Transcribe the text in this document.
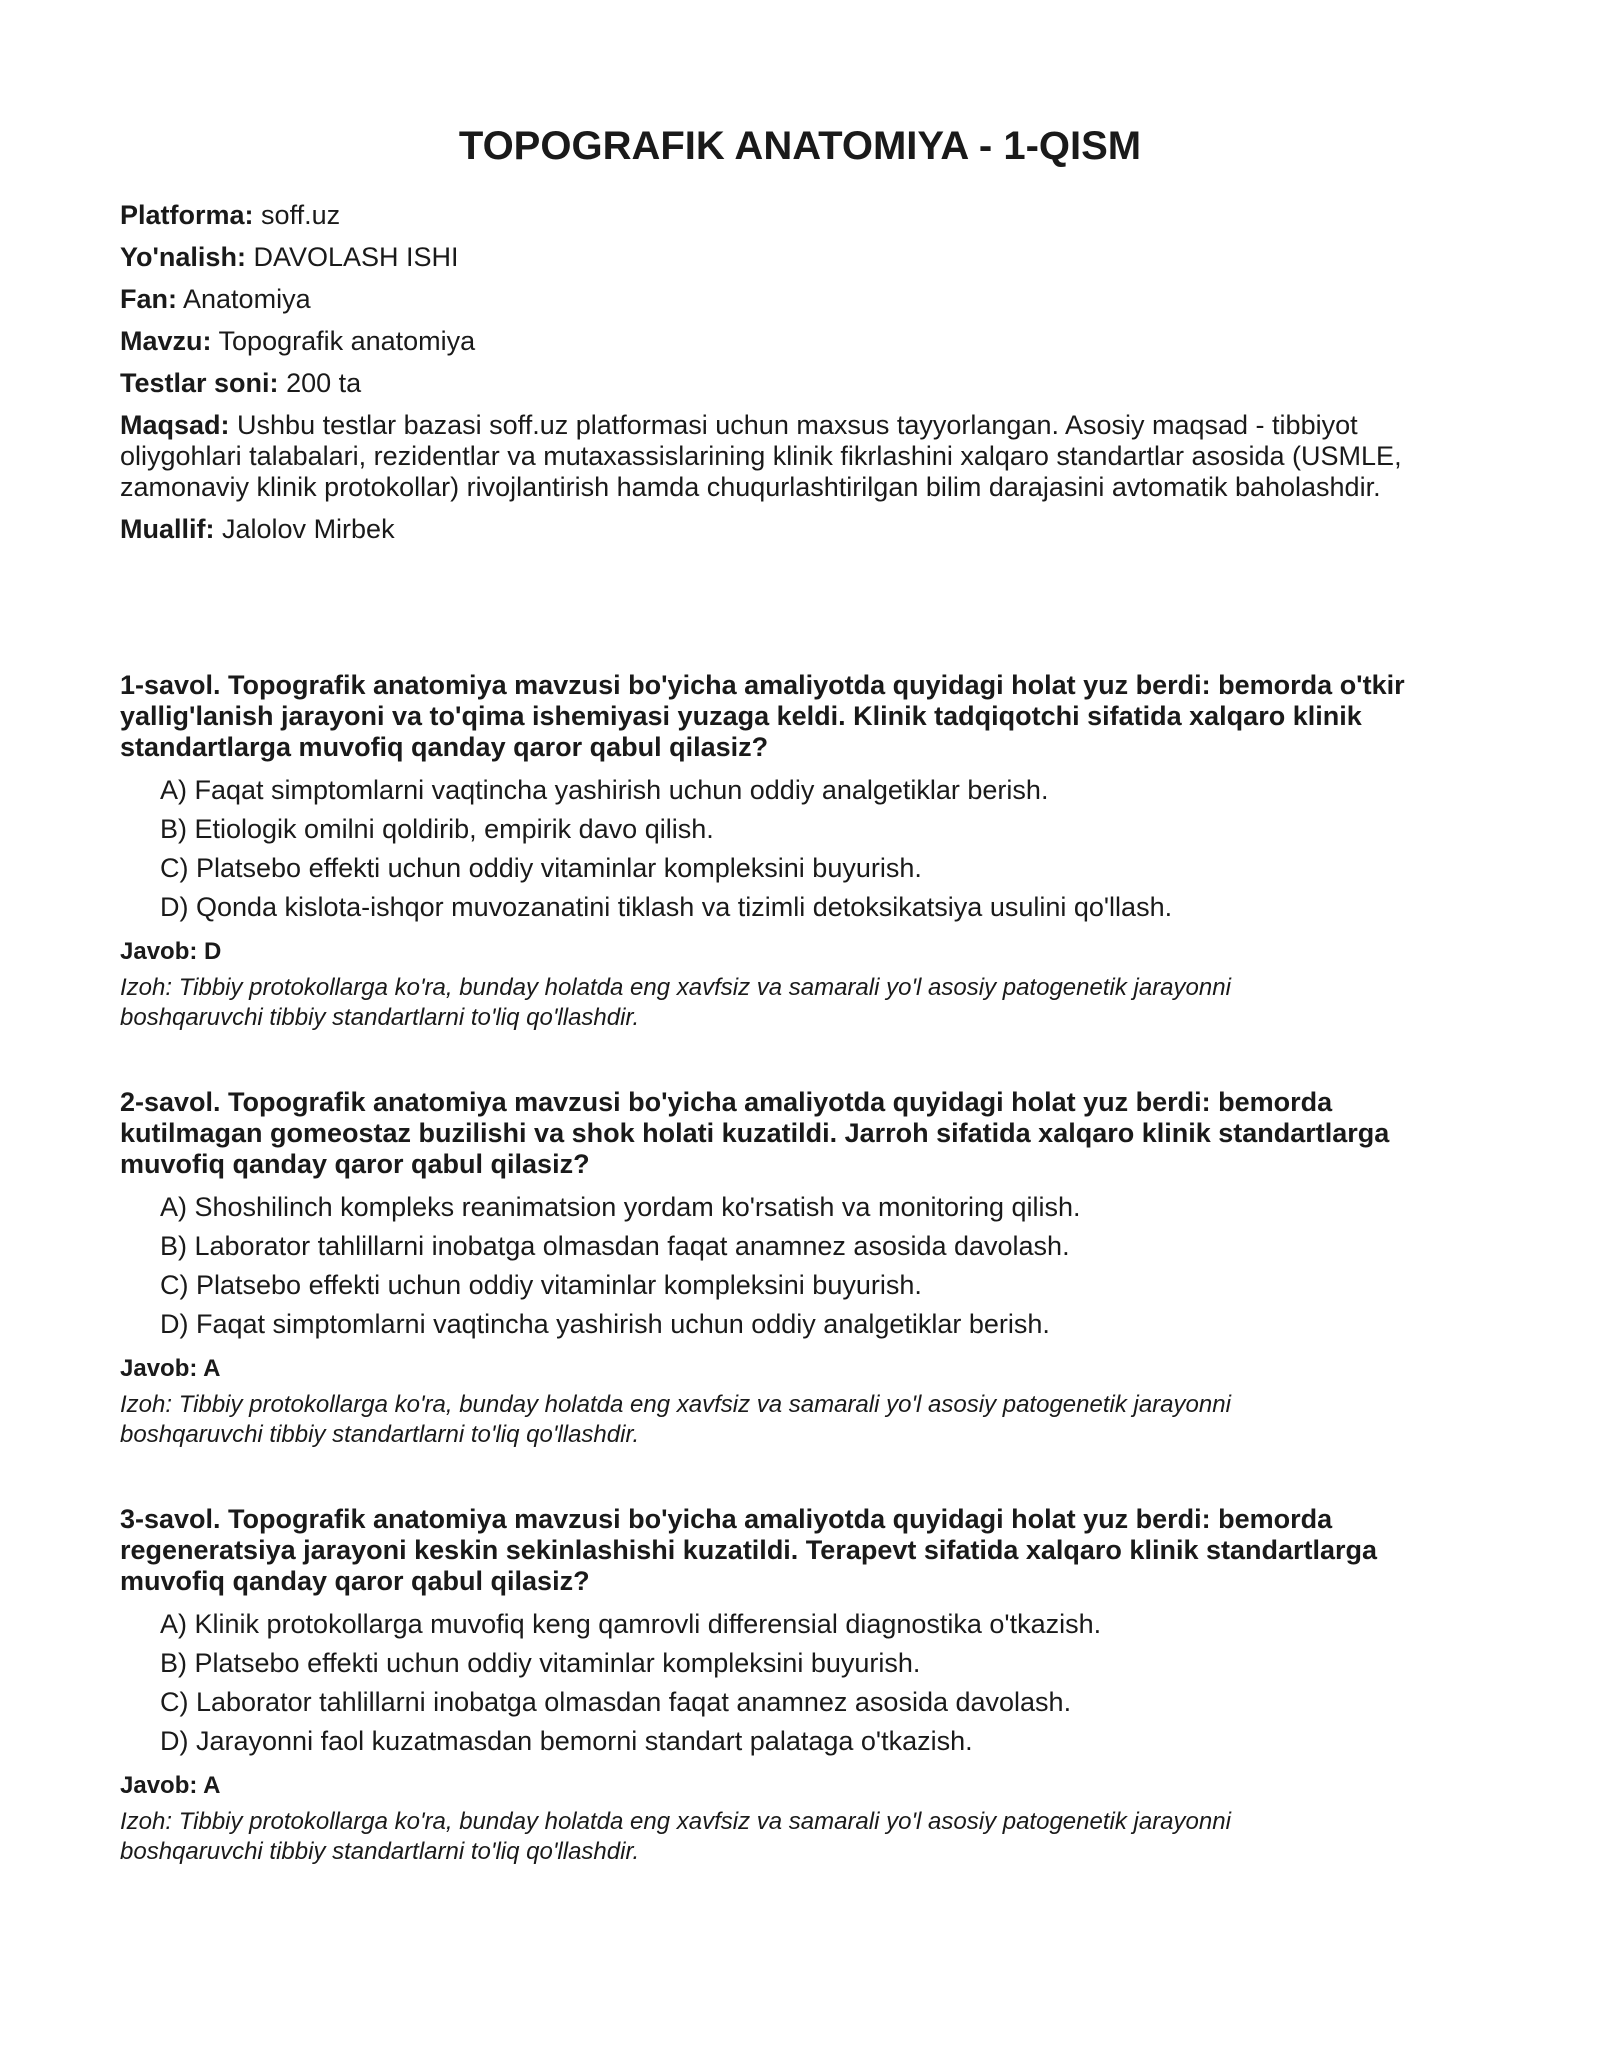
TOPOGRAFIK ANATOMIYA - 1-QISM

Platforma: soff.uz

Yo'nalish: DAVOLASH ISHI

Fan: Anatomiya

Mavzu: Topografik anatomiya

Testlar soni: 200 ta

Maqsad: Ushbu testlar bazasi soff.uz platformasi uchun maxsus tayyorlangan. Asosiy maqsad - tibbiyot oliygohlari talabalari, rezidentlar va mutaxassislarining klinik fikrlashini xalqaro standartlar asosida (USMLE, zamonaviy klinik protokollar) rivojlantirish hamda chuqurlashtirilgan bilim darajasini avtomatik baholashdir.

Muallif: Jalolov Mirbek

1-savol. Topografik anatomiya mavzusi bo'yicha amaliyotda quyidagi holat yuz berdi: bemorda o'tkir yallig'lanish jarayoni va to'qima ishemiyasi yuzaga keldi. Klinik tadqiqotchi sifatida xalqaro klinik standartlarga muvofiq qanday qaror qabul qilasiz?

A) Faqat simptomlarni vaqtincha yashirish uchun oddiy analgetiklar berish.
B) Etiologik omilni qoldirib, empirik davo qilish.
C) Platsebo effekti uchun oddiy vitaminlar kompleksini buyurish.
D) Qonda kislota-ishqor muvozanatini tiklash va tizimli detoksikatsiya usulini qo'llash.

Javob: D

Izoh: Tibbiy protokollarga ko'ra, bunday holatda eng xavfsiz va samarali yo'l asosiy patogenetik jarayonni boshqaruvchi tibbiy standartlarni to'liq qo'llashdir.

2-savol. Topografik anatomiya mavzusi bo'yicha amaliyotda quyidagi holat yuz berdi: bemorda kutilmagan gomeostaz buzilishi va shok holati kuzatildi. Jarroh sifatida xalqaro klinik standartlarga muvofiq qanday qaror qabul qilasiz?

A) Shoshilinch kompleks reanimatsion yordam ko'rsatish va monitoring qilish.
B) Laborator tahlillarni inobatga olmasdan faqat anamnez asosida davolash.
C) Platsebo effekti uchun oddiy vitaminlar kompleksini buyurish.
D) Faqat simptomlarni vaqtincha yashirish uchun oddiy analgetiklar berish.

Javob: A

Izoh: Tibbiy protokollarga ko'ra, bunday holatda eng xavfsiz va samarali yo'l asosiy patogenetik jarayonni boshqaruvchi tibbiy standartlarni to'liq qo'llashdir.

3-savol. Topografik anatomiya mavzusi bo'yicha amaliyotda quyidagi holat yuz berdi: bemorda regeneratsiya jarayoni keskin sekinlashishi kuzatildi. Terapevt sifatida xalqaro klinik standartlarga muvofiq qanday qaror qabul qilasiz?

A) Klinik protokollarga muvofiq keng qamrovli differensial diagnostika o'tkazish.
B) Platsebo effekti uchun oddiy vitaminlar kompleksini buyurish.
C) Laborator tahlillarni inobatga olmasdan faqat anamnez asosida davolash.
D) Jarayonni faol kuzatmasdan bemorni standart palataga o'tkazish.

Javob: A

Izoh: Tibbiy protokollarga ko'ra, bunday holatda eng xavfsiz va samarali yo'l asosiy patogenetik jarayonni boshqaruvchi tibbiy standartlarni to'liq qo'llashdir.
